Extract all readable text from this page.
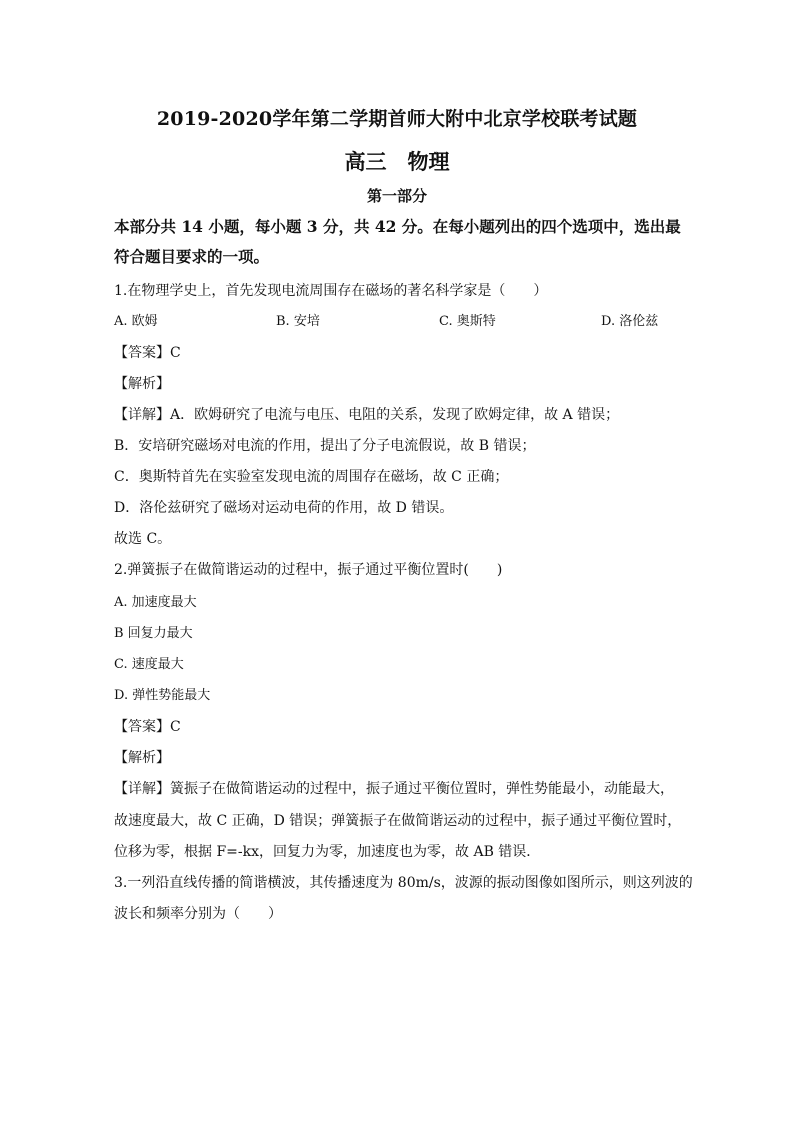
2019-2020学年第二学期首师大附中北京学校联考试题
高三　物理
第一部分
本部分共 14 小题，每小题 3 分，共 42 分。在每小题列出的四个选项中，选出最
符合题目要求的一项。
1.在物理学史上，首先发现电流周围存在磁场的著名科学家是（　　）
A. 欧姆	B. 安培	C. 奥斯特	D. 洛伦兹
【答案】C
【解析】
【详解】A．欧姆研究了电流与电压、电阻的关系，发现了欧姆定律，故 A 错误；
B．安培研究磁场对电流的作用，提出了分子电流假说，故 B 错误；
C．奥斯特首先在实验室发现电流的周围存在磁场，故 C 正确；
D．洛伦兹研究了磁场对运动电荷的作用，故 D 错误。
故选 C。
2.弹簧振子在做简谐运动的过程中，振子通过平衡位置时(　　)
A. 加速度最大
B 回复力最大
C. 速度最大
D. 弹性势能最大
【答案】C
【解析】
【详解】簧振子在做简谐运动的过程中，振子通过平衡位置时，弹性势能最小，动能最大，
故速度最大，故 C 正确，D 错误；弹簧振子在做简谐运动的过程中，振子通过平衡位置时，
位移为零，根据 F=-kx，回复力为零，加速度也为零，故 AB 错误．
3.一列沿直线传播的简谐横波，其传播速度为 80m/s，波源的振动图像如图所示，则这列波的
波长和频率分别为（　　）
